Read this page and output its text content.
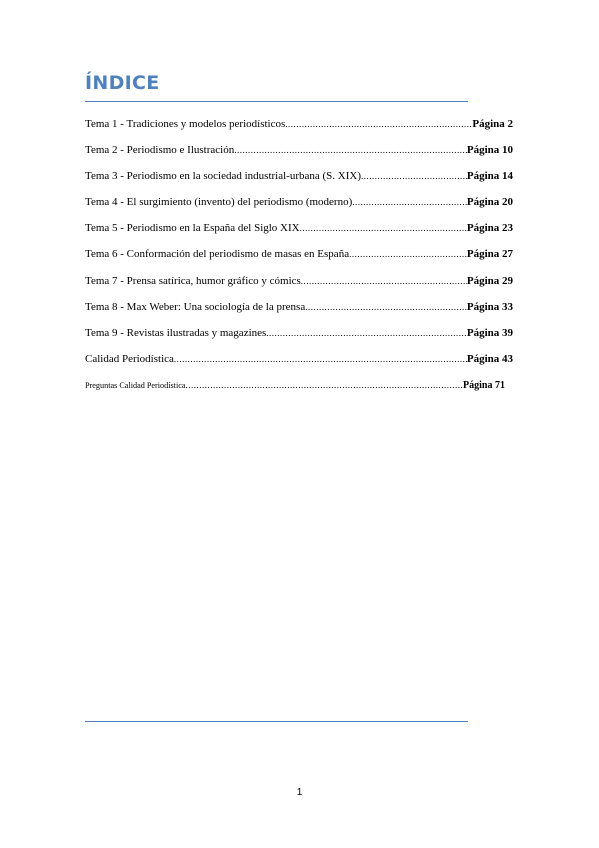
ÍNDICE
Tema 1 - Tradiciones y modelos periodísticos .....	Página 2
Tema 2 - Periodismo e Ilustración .....	Página 10
Tema 3 - Periodismo en la sociedad industrial-urbana (S. XIX) .....	Página 14
Tema 4 - El surgimiento (invento) del periodismo (moderno) .....	Página 20
Tema 5 - Periodismo en la España del Siglo XIX .....	Página 23
Tema 6 - Conformación del periodismo de masas en España .....	Página 27
Tema 7 - Prensa satírica, humor gráfico y cómics .....	Página 29
Tema 8 - Max Weber: Una sociología de la prensa .....	Página 33
Tema 9 - Revistas ilustradas y magazines .....	Página 39
Calidad Periodística .....	Página 43
Preguntas Calidad Periodística .....	Página 71
1
